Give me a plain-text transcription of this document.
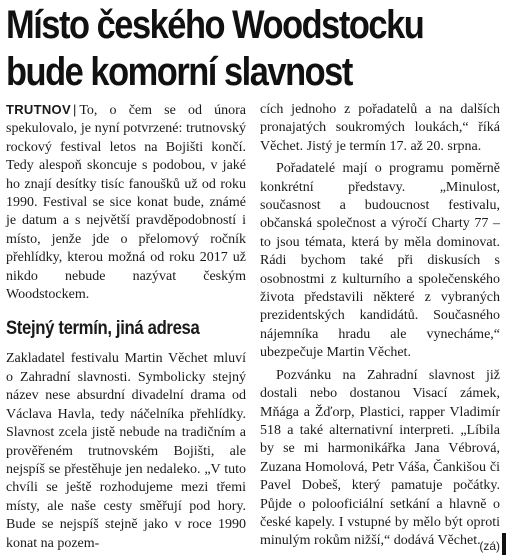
Místo českého Woodstocku
bude komorní slavnost

TRUTNOV | To, o čem se od února spekulovalo, je nyní potvrzené: trutnovský rockový festival letos na Bojišti končí. Tedy alespoň skoncuje s podobou, v jaké ho znají desítky tisíc fanoušků už od roku 1990. Festival se sice konat bude, známé je datum a s největší pravděpodobností i místo, jenže jde o přelomový ročník přehlídky, kterou možná od roku 2017 už nikdo nebude nazývat českým Woodstockem.

Stejný termín, jiná adresa

Zakladatel festivalu Martin Věchet mluví o Zahradní slavnosti. Symbolicky stejný název nese absurdní divadelní drama od Václava Havla, tedy náčelníka přehlídky. Slavnost zcela jistě nebude na tradičním a prověřeném trutnovském Bojišti, ale nejspíš se přestěhuje jen nedaleko. „V tuto chvíli se ještě rozhodujeme mezi třemi místy, ale naše cesty směřují pod hory. Bude se nejspíš stejně jako v roce 1990 konat na pozem-

cích jednoho z pořadatelů a na dalších pronajatých soukromých loukách,“ říká Věchet. Jistý je termín 17. až 20. srpna.

Pořadatelé mají o programu poměrně konkrétní představy. „Minulost, současnost a budoucnost festivalu, občanská společnost a výročí Charty 77 – to jsou témata, která by měla dominovat. Rádi bychom také při diskusích s osobnostmi z kulturního a společenského života představili některé z vybraných prezidentských kandidátů. Současného nájemníka hradu ale vynecháme,“ ubezpečuje Martin Věchet.

Pozvánku na Zahradní slavnost již dostali nebo dostanou Visací zámek, Mňága a Žďorp, Plastici, rapper Vladimír 518 a také alternativní interpreti. „Líbila by se mi harmonikářka Jana Vébrová, Zuzana Homolová, Petr Váša, Čankišou či Pavel Dobeš, který pamatuje počátky. Půjde o polooficiální setkání a hlavně o české kapely. I vstupné by mělo být oproti minulým rokům nižší,“ dodává Věchet.

(zá)
